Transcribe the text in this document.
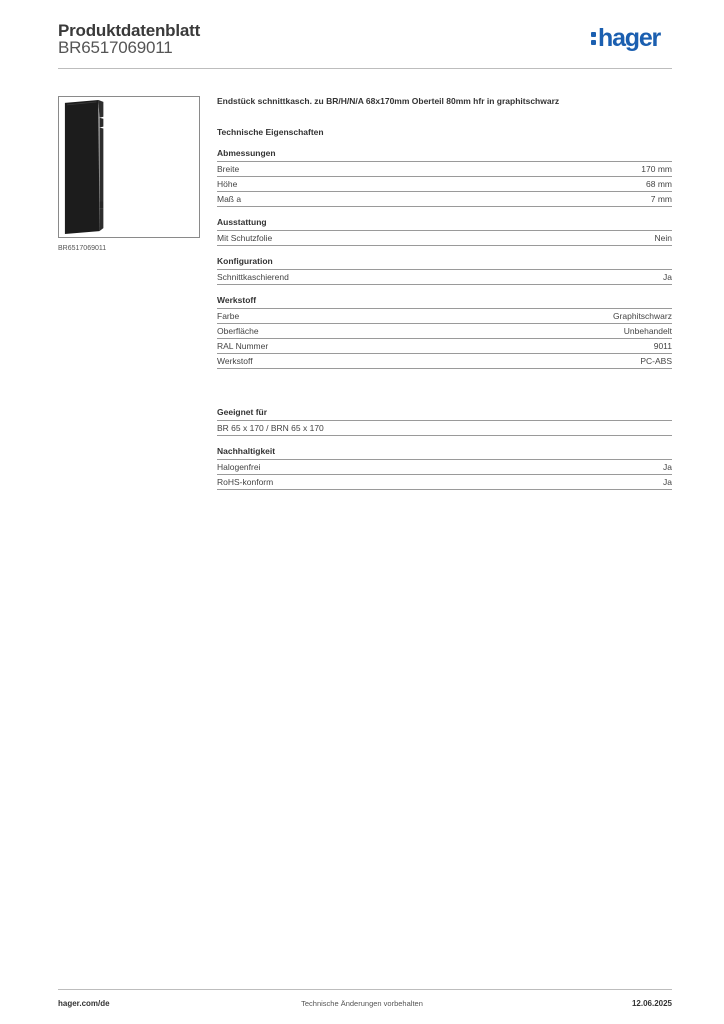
Produktdatenblatt
BR6517069011	hager
BR6517069011
Endstück schnittkasch. zu BR/H/N/A 68x170mm Oberteil 80mm hfr in graphitschwarz
Technische Eigenschaften
Abmessungen
Breite	170 mm
Höhe	68 mm
Maß a	7 mm
Ausstattung
Mit Schutzfolie	Nein
Konfiguration
Schnittkaschierend	Ja
Werkstoff
Farbe	Graphitschwarz
Oberfläche	Unbehandelt
RAL Nummer	9011
Werkstoff	PC-ABS
Geeignet für
BR 65 x 170 / BRN 65 x 170
Nachhaltigkeit
Halogenfrei	Ja
RoHS-konform	Ja
hager.com/de	Technische Änderungen vorbehalten	12.06.2025
